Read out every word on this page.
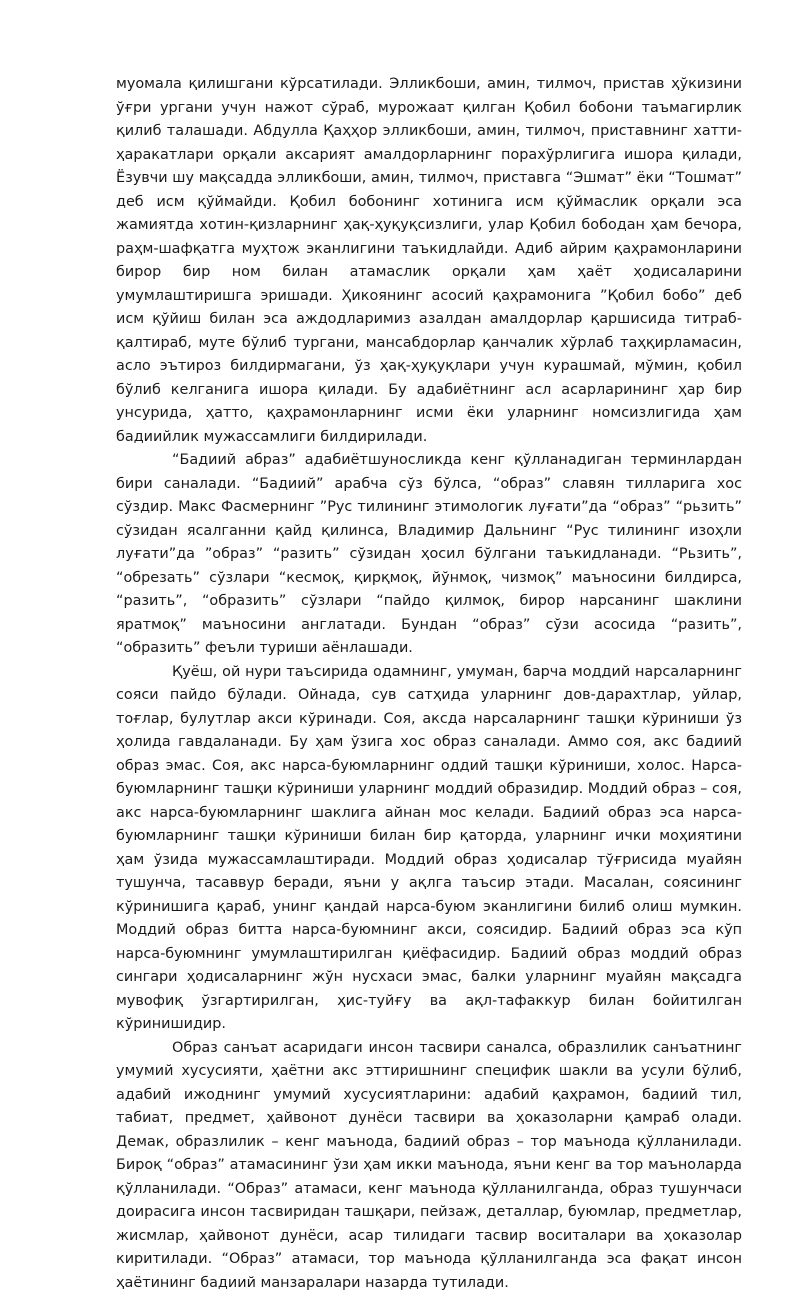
муомала қилишгани кўрсатилади. Элликбоши, амин, тилмоч, пристав ҳўкизини ўғри ургани учун нажот сўраб, мурожаат қилган Қобил бобони таъмагирлик қилиб талашади. Абдулла Қаҳҳор элликбоши, амин, тилмоч, приставнинг хатти-ҳаракатлари орқали аксарият амалдорларнинг порахўрлигига ишора қилади, Ёзувчи шу мақсадда элликбоши, амин, тилмоч, приставга “Эшмат” ёки “Тошмат” деб исм қўймайди. Қобил бобонинг хотинига исм қўймаслик орқали эса жамиятда хотин-қизларнинг ҳақ-ҳуқуқсизлиги, улар Қобил бободан ҳам бечора, раҳм-шафқатга муҳтож эканлигини таъкидлайди. Адиб айрим қаҳрамонларини бирор бир ном билан атамаслик орқали ҳам ҳаёт ҳодисаларини умумлаштиришга эришади. Ҳикоянинг асосий қаҳрамонига ”Қобил бобо” деб исм қўйиш билан эса аждодларимиз азалдан амалдорлар қаршисида титраб-қалтираб, муте бўлиб тургани, мансабдорлар қанчалик хўрлаб таҳқирламасин, асло эътироз билдирмагани, ўз ҳақ-ҳуқуқлари учун курашмай, мўмин, қобил бўлиб келганига ишора қилади. Бу адабиётнинг асл асарларининг ҳар бир унсурида, ҳатто, қаҳрамонларнинг исми ёки уларнинг номсизлигида ҳам бадиийлик мужассамлиги билдирилади.

“Бадиий абраз” адабиётшуносликда кенг қўлланадиган терминлардан бири саналади. “Бадиий” арабча сўз бўлса, “образ” славян тилларига хос сўздир. Макс Фасмернинг ”Рус тилининг этимологик луғати”да “образ” “рьзить” сўзидан ясалганни қайд қилинса, Владимир Дальнинг “Рус тилининг изоҳли луғати”да ”образ” “разить” сўзидан ҳосил бўлгани таъкидланади. “Рьзить”, “обрезать” сўзлари “кесмоқ, қирқмоқ, йўнмоқ, чизмоқ” маъносини билдирса, “разить”, “образить” сўзлари “пайдо қилмоқ, бирор нарсанинг шаклини яратмоқ” маъносини англатади. Бундан “образ” сўзи асосида “разить”, “образить” феъли туриши аёнлашади.

Қуёш, ой нури таъсирида одамнинг, умуман, барча моддий нарсаларнинг сояси пайдо бўлади. Ойнада, сув сатҳида уларнинг дов-дарахтлар, уйлар, тоғлар, булутлар акси кўринади. Соя, аксда нарсаларнинг ташқи кўриниши ўз ҳолида гавдаланади. Бу ҳам ўзига хос образ саналади. Аммо соя, акс бадиий образ эмас. Соя, акс нарса-буюмларнинг оддий ташқи кўриниши, холос. Нарса-буюмларнинг ташқи кўриниши уларнинг моддий образидир. Моддий образ – соя, акс нарса-буюмларнинг шаклига айнан мос келади. Бадиий образ эса нарса-буюмларнинг ташқи кўриниши билан бир қаторда, уларнинг ички моҳиятини ҳам ўзида мужассамлаштиради. Моддий образ ҳодисалар тўғрисида муайян тушунча, тасаввур беради, яъни у ақлга таъсир этади. Масалан, соясининг кўринишига қараб, унинг қандай нарса-буюм эканлигини билиб олиш мумкин. Моддий образ битта нарса-буюмнинг акси, соясидир. Бадиий образ эса кўп нарса-буюмнинг умумлаштирилган қиёфасидир. Бадиий образ моддий образ сингари ҳодисаларнинг жўн нусхаси эмас, балки уларнинг муайян мақсадга мувофиқ ўзгартирилган, ҳис-туйғу ва ақл-тафаккур билан бойитилган кўринишидир.

Образ санъат асаридаги инсон тасвири саналса, образлилик санъатнинг умумий хусусияти, ҳаётни акс эттиришнинг специфик шакли ва усули бўлиб, адабий ижоднинг умумий хусусиятларини: адабий қаҳрамон, бадиий тил, табиат, предмет, ҳайвонот дунёси тасвири ва ҳоказоларни қамраб олади. Демак, образлилик – кенг маънода, бадиий образ – тор маънода қўлланилади. Бироқ “образ” атамасининг ўзи ҳам икки маънода, яъни кенг ва тор маъноларда қўлланилади. “Образ” атамаси, кенг маънода қўлланилганда, образ тушунчаси доирасига инсон тасвиридан ташқари, пейзаж, деталлар, буюмлар, предметлар, жисмлар, ҳайвонот дунёси, асар тилидаги тасвир воситалари ва ҳоказолар киритилади. “Образ” атамаси, тор маънода қўлланилганда эса фақат инсон ҳаётининг бадиий манзаралари назарда тутилади.
